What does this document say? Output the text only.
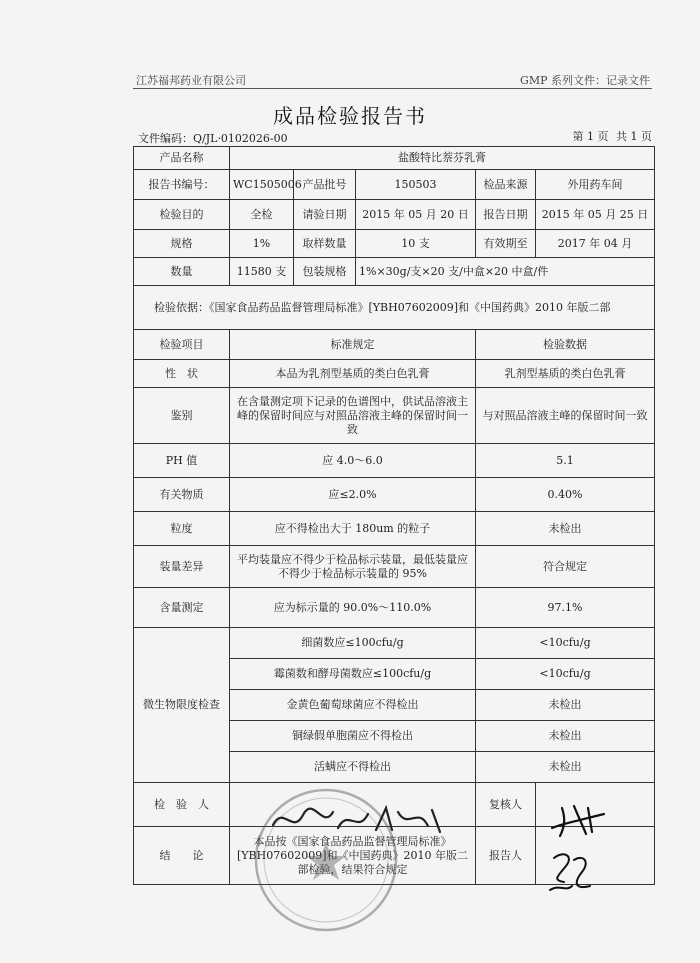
江苏福邦药业有限公司	GMP 系列文件：记录文件
成品检验报告书
文件编码：Q/JL·0102026-00	第 1 页 共 1 页
产品名称	盐酸特比萘芬乳膏				
报告书编号：	WC1505006	产品批号	150503	检品来源	外用药车间
检验目的	全检	请验日期	2015 年 05 月 20 日	报告日期	2015 年 05 月 25 日
规格	1%	取样数量	10 支	有效期至	2017 年 04 月
数量	11580 支	包装规格	1%×30g/支×20 支/中盒×20 中盒/件		
检验依据：《国家食品药品监督管理局标准》[YBH07602009]和《中国药典》2010 年版二部					
检验项目	标准规定			检验数据	
性　状	本品为乳剂型基质的类白色乳膏			乳剂型基质的类白色乳膏	
鉴别	在含量测定项下记录的色谱图中，供试品溶液主峰的保留时间应与对照品溶液主峰的保留时间一致			与对照品溶液主峰的保留时间一致	
PH 值	应 4.0～6.0			5.1	
有关物质	应≤2.0%			0.40%	
粒度	应不得检出大于 180um 的粒子			未检出	
装量差异	平均装量应不得少于检品标示装量，最低装量应不得少于检品标示装量的 95%			符合规定	
含量测定	应为标示量的 90.0%～110.0%			97.1%	
微生物限度检查	细菌数应≤100cfu/g			<10cfu/g	
	霉菌数和酵母菌数应≤100cfu/g			<10cfu/g	
	金黄色葡萄球菌应不得检出			未检出	
	铜绿假单胞菌应不得检出			未检出	
	活螨应不得检出			未检出	
检　验　人				复核人	
结　　论	本品按《国家食品药品监督管理局标准》[YBH07602009]和《中国药典》2010 年版二部检验，结果符合规定			报告人	
